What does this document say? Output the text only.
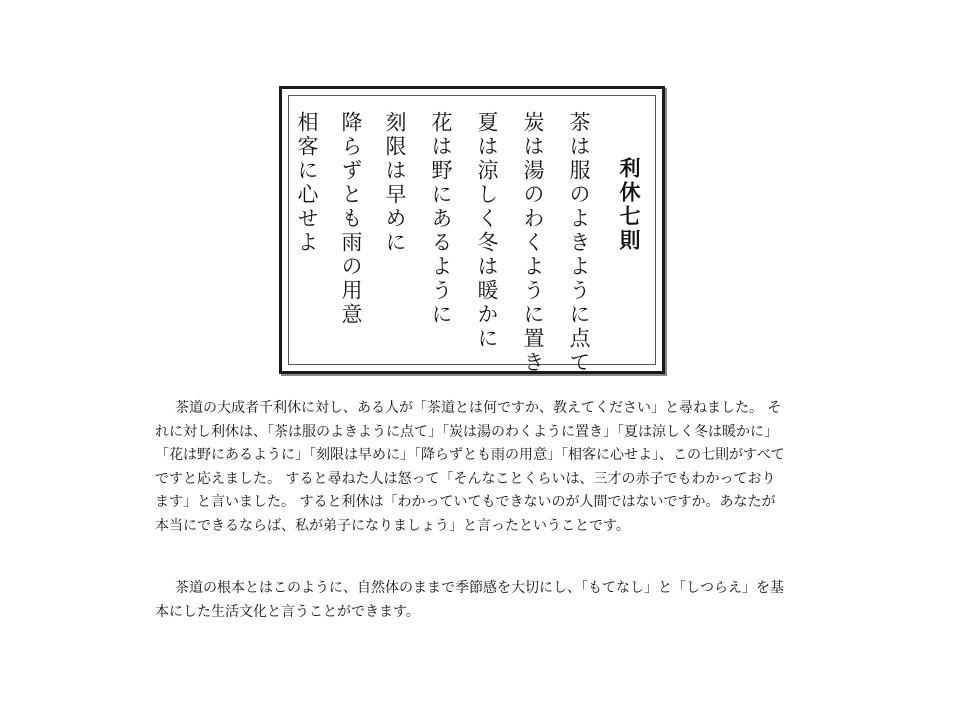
利休七則
茶は服のよきように点て
炭は湯のわくように置き
夏は涼しく冬は暖かに
花は野にあるように
刻限は早めに
降らずとも雨の用意
相客に心せよ

茶道の大成者千利休に対し、ある人が「茶道とは何ですか、教えてください」と尋ねました。 それに対し利休は、「茶は服のよきように点て」「炭は湯のわくように置き」「夏は涼しく冬は暖かに」 「花は野にあるように」「刻限は早めに」「降らずとも雨の用意」「相客に心せよ」、この七則がすべてですと応えました。 すると尋ねた人は怒って「そんなことくらいは、三才の赤子でもわかっております」と言いました。 すると利休は「わかっていてもできないのが人間ではないですか。あなたが本当にできるならば、私が弟子になりましょう」と言ったということです。

茶道の根本とはこのように、自然体のままで季節感を大切にし、「もてなし」と「しつらえ」を基本にした生活文化と言うことができます。
